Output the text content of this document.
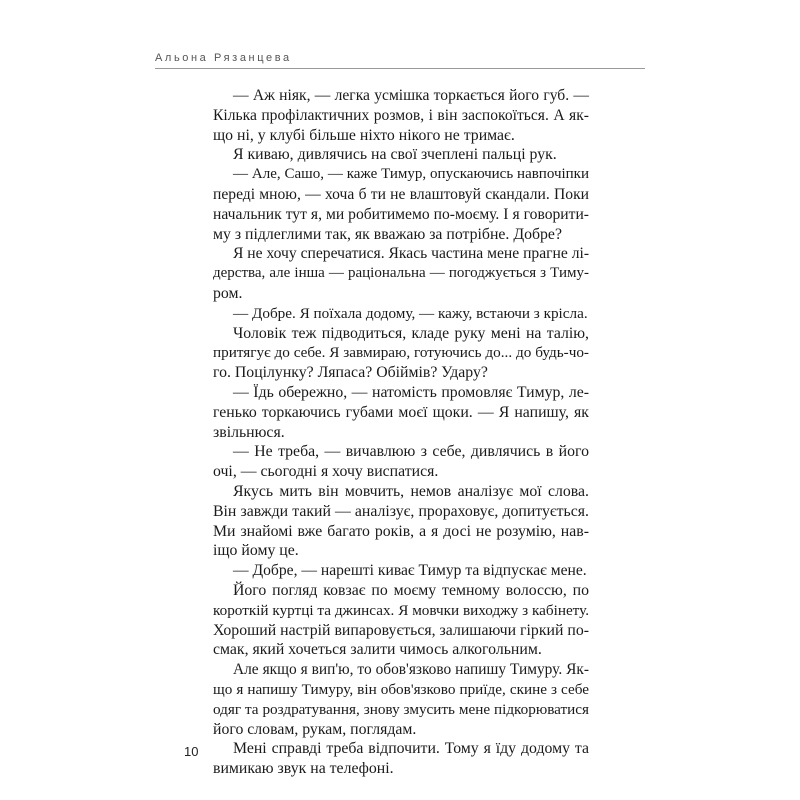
Альона Рязанцева

— Аж ніяк, — легка усмішка торкається його губ. —
Кілька профілактичних розмов, і він заспокоїться. А як-
що ні, у клубі більше ніхто нікого не тримає.

Я киваю, дивлячись на свої зчеплені пальці рук.

— Але, Сашо, — каже Тимур, опускаючись навпочіпки
переді мною, — хоча б ти не влаштовуй скандали. Поки
начальник тут я, ми робитимемо по-моєму. І я говорити-
му з підлеглими так, як вважаю за потрібне. Добре?

Я не хочу сперечатися. Якась частина мене прагне лі-
дерства, але інша — раціональна — погоджується з Тиму-
ром.

— Добре. Я поїхала додому, — кажу, встаючи з крісла.

Чоловік теж підводиться, кладе руку мені на талію,
притягує до себе. Я завмираю, готуючись до... до будь-чо-
го. Поцілунку? Ляпаса? Обіймів? Удару?

— Їдь обережно, — натомість промовляє Тимур, ле-
генько торкаючись губами моєї щоки. — Я напишу, як
звільнюся.

— Не треба, — вичавлюю з себе, дивлячись в його
очі, — сьогодні я хочу виспатися.

Якусь мить він мовчить, немов аналізує мої слова.
Він завжди такий — аналізує, прораховує, допитується.
Ми знайомі вже багато років, а я досі не розумію, нав-
іщо йому це.

— Добре, — нарешті киває Тимур та відпускає мене.

Його погляд ковзає по моєму темному волоссю, по
короткій куртці та джинсах. Я мовчки виходжу з кабінету.
Хороший настрій випаровується, залишаючи гіркий по-
смак, який хочеться залити чимось алкогольним.

Але якщо я вип'ю, то обов'язково напишу Тимуру. Як-
що я напишу Тимуру, він обов'язково приїде, скине з себе
одяг та роздратування, знову змусить мене підкорюватися
його словам, рукам, поглядам.

Мені справді треба відпочити. Тому я їду додому та
вимикаю звук на телефоні.

10
